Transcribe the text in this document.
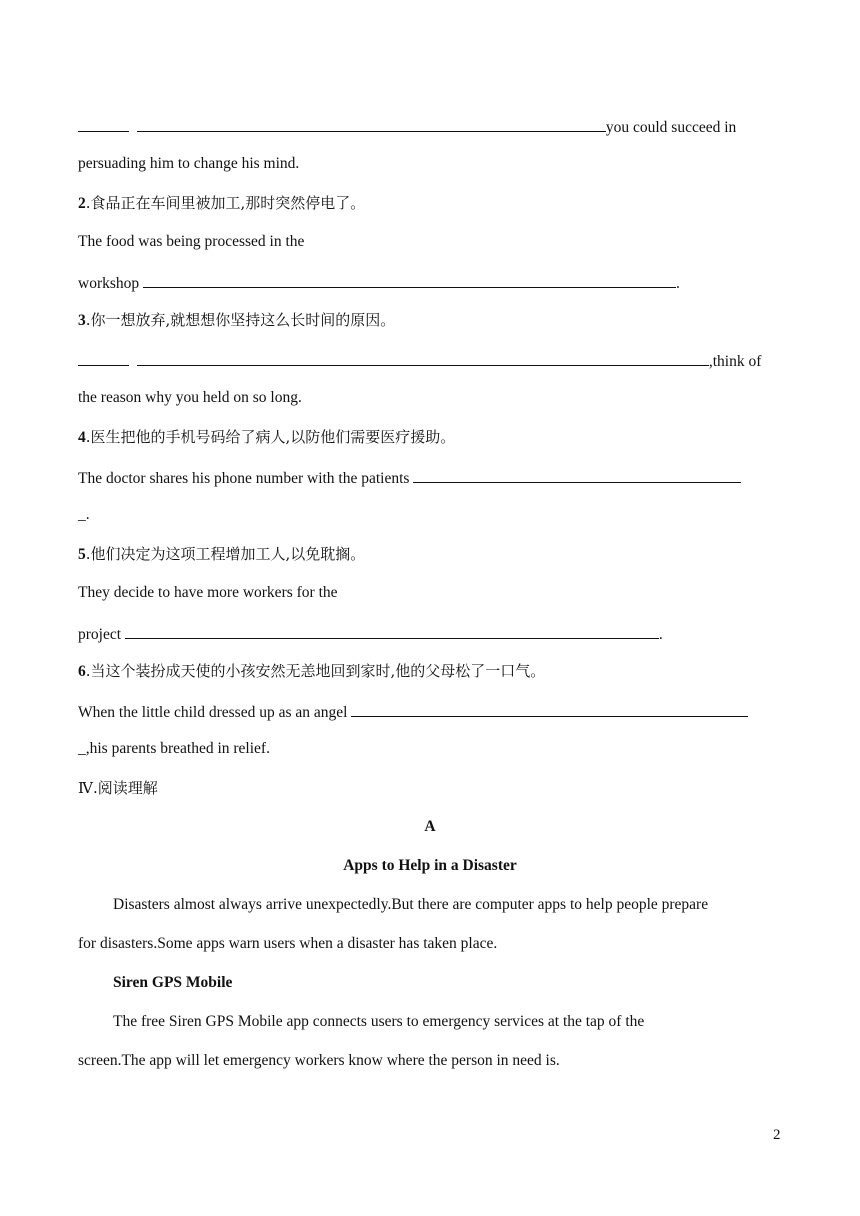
you could succeed in
persuading him to change his mind.
2.食品正在车间里被加工,那时突然停电了。
The food was being processed in the
workshop	.
3.你一想放弃,就想想你坚持这么长时间的原因。
,think of
the reason why you held on so long.
4.医生把他的手机号码给了病人,以防他们需要医疗援助。
The doctor shares his phone number with the patients
_.
5.他们决定为这项工程增加工人,以免耽搁。
They decide to have more workers for the
project	.
6.当这个装扮成天使的小孩安然无恙地回到家时,他的父母松了一口气。
When the little child dressed up as an angel
_,his parents breathed in relief.
Ⅳ.阅读理解
A
Apps to Help in a Disaster
Disasters almost always arrive unexpectedly.But there are computer apps to help people prepare
for disasters.Some apps warn users when a disaster has taken place.
Siren GPS Mobile
The free Siren GPS Mobile app connects users to emergency services at the tap of the
screen.The app will let emergency workers know where the person in need is.
2
